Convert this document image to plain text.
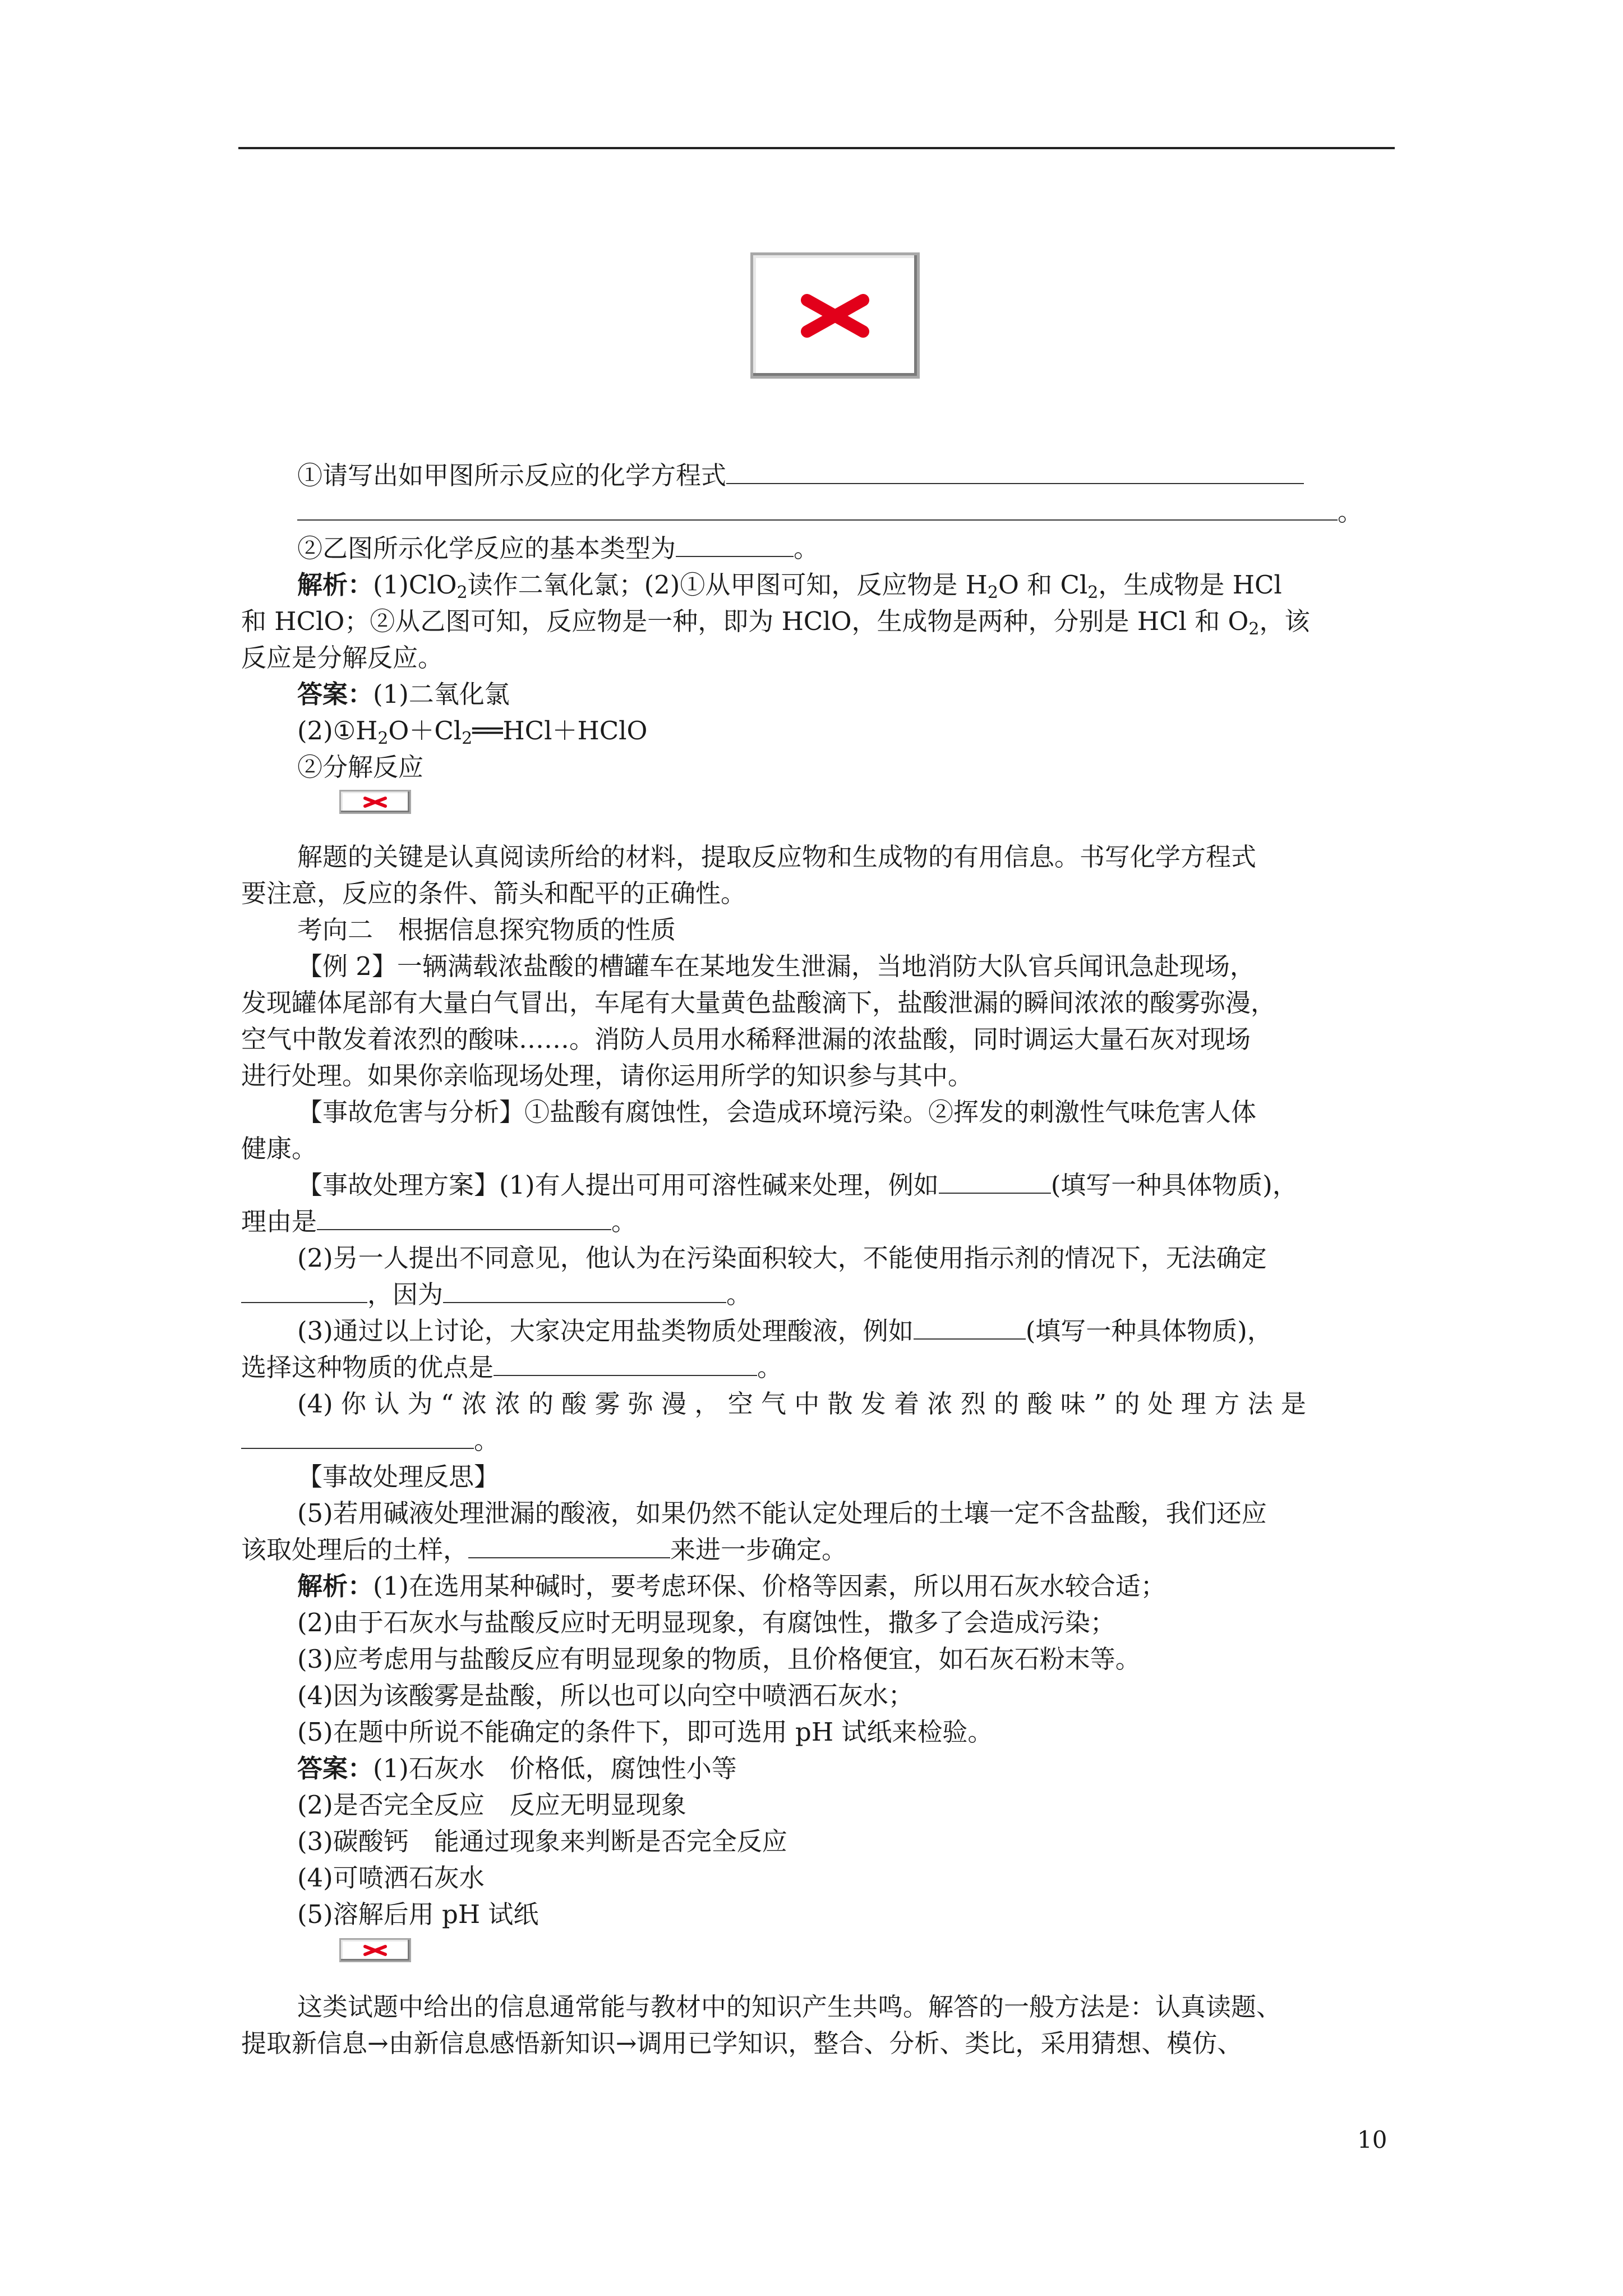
①请写出如甲图所示反应的化学方程式
。
②乙图所示化学反应的基本类型为	。
解析：(1)ClO$_2$读作二氧化氯；(2)①从甲图可知，反应物是 $H_2O$ 和 $Cl_2$，生成物是 HCl
和 HClO；②从乙图可知，反应物是一种，即为 HClO，生成物是两种，分别是 HCl 和 $O_2$，该
反应是分解反应。
答案：(1)二氧化氯
$(2)①H_2O+Cl_2══HCl+HClO$
②分解反应
解题的关键是认真阅读所给的材料，提取反应物和生成物的有用信息。书写化学方程式
要注意，反应的条件、箭头和配平的正确性。
考向二　根据信息探究物质的性质
【例 2】一辆满载浓盐酸的槽罐车在某地发生泄漏，当地消防大队官兵闻讯急赴现场，
发现罐体尾部有大量白气冒出，车尾有大量黄色盐酸滴下，盐酸泄漏的瞬间浓浓的酸雾弥漫，
空气中散发着浓烈的酸味……。消防人员用水稀释泄漏的浓盐酸，同时调运大量石灰对现场
进行处理。如果你亲临现场处理，请你运用所学的知识参与其中。
【事故危害与分析】①盐酸有腐蚀性，会造成环境污染。②挥发的刺激性气味危害人体
健康。
【事故处理方案】(1)有人提出可用可溶性碱来处理，例如	(填写一种具体物质)，
理由是	。
(2)另一人提出不同意见，他认为在污染面积较大，不能使用指示剂的情况下，无法确定
，因为	。
(3)通过以上讨论，大家决定用盐类物质处理酸液，例如	(填写一种具体物质)，
选择这种物质的优点是	。
(4) 你 认 为 “ 浓 浓 的 酸 雾 弥 漫 ， 空 气 中 散 发 着 浓 烈 的 酸 味 ” 的 处 理 方 法 是
。
【事故处理反思】
(5)若用碱液处理泄漏的酸液，如果仍然不能认定处理后的土壤一定不含盐酸，我们还应
该取处理后的土样，	来进一步确定。
解析：(1)在选用某种碱时，要考虑环保、价格等因素，所以用石灰水较合适；
(2)由于石灰水与盐酸反应时无明显现象，有腐蚀性，撒多了会造成污染；
(3)应考虑用与盐酸反应有明显现象的物质，且价格便宜，如石灰石粉末等。
(4)因为该酸雾是盐酸，所以也可以向空中喷洒石灰水；
(5)在题中所说不能确定的条件下，即可选用 pH 试纸来检验。
答案：(1)石灰水　价格低，腐蚀性小等
(2)是否完全反应　反应无明显现象
(3)碳酸钙　能通过现象来判断是否完全反应
(4)可喷洒石灰水
(5)溶解后用 pH 试纸
这类试题中给出的信息通常能与教材中的知识产生共鸣。解答的一般方法是：认真读题、
提取新信息→由新信息感悟新知识→调用已学知识，整合、分析、类比，采用猜想、模仿、
10
